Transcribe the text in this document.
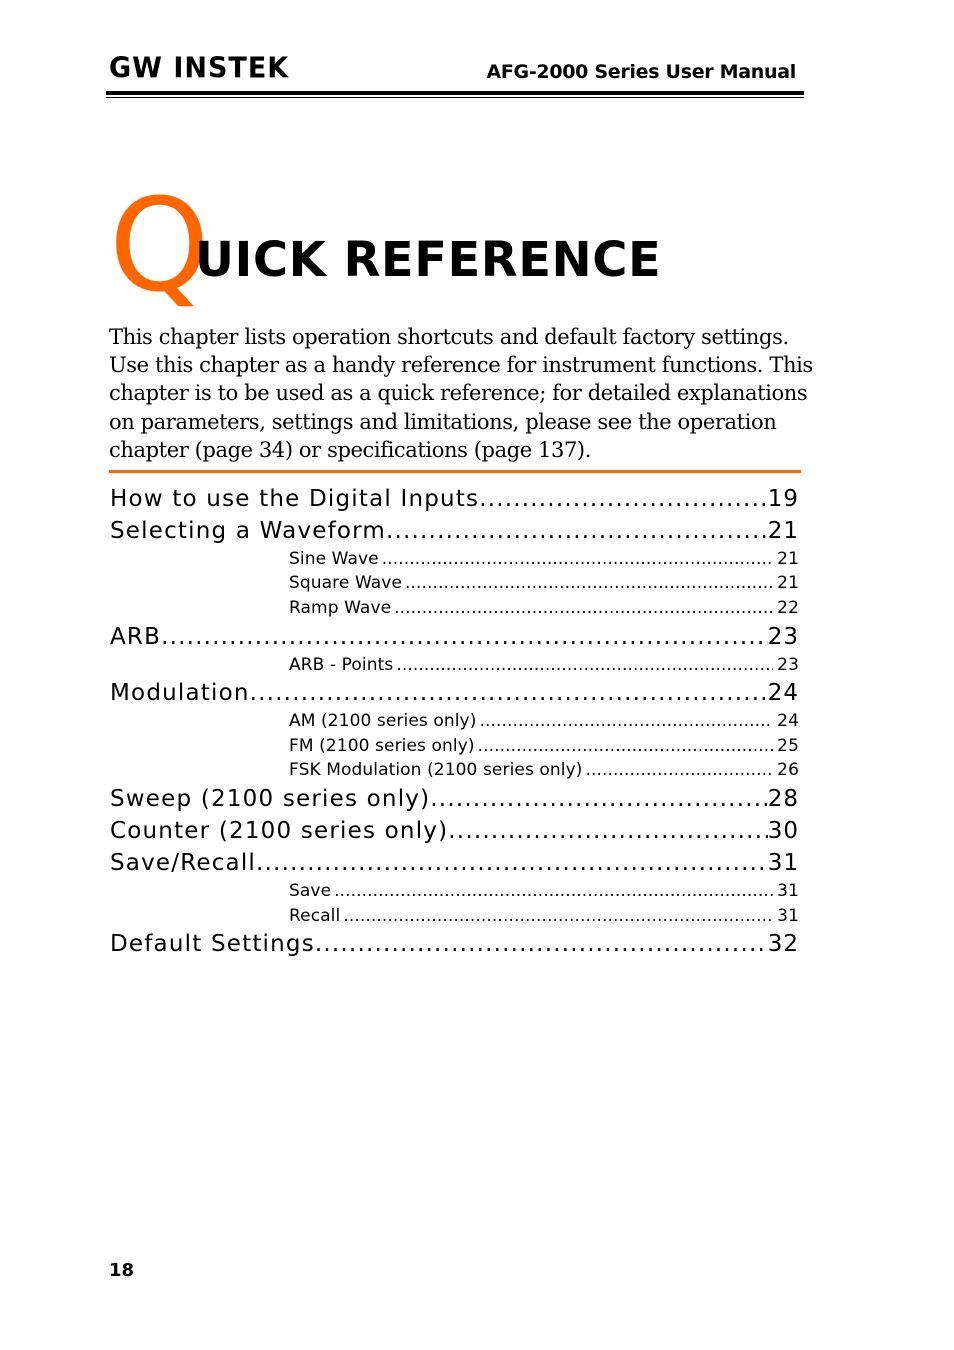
GW INSTEK	AFG-2000 Series User Manual
Q
UICK REFERENCE
This chapter lists operation shortcuts and default factory settings.
Use this chapter as a handy reference for instrument functions. This
chapter is to be used as a quick reference; for detailed explanations
on parameters, settings and limitations, please see the operation
chapter (page 34) or specifications (page 137).
How to use the Digital Inputs .....	19
Selecting a Waveform .....	21
Sine Wave .....	21
Square Wave .....	21
Ramp Wave .....	22
ARB .....	23
ARB - Points .....	23
Modulation .....	24
AM (2100 series only) .....	24
FM (2100 series only) .....	25
FSK Modulation (2100 series only) .....	26
Sweep (2100 series only) .....	28
Counter (2100 series only) .....	30
Save/Recall .....	31
Save .....	31
Recall .....	31
Default Settings .....	32
18
